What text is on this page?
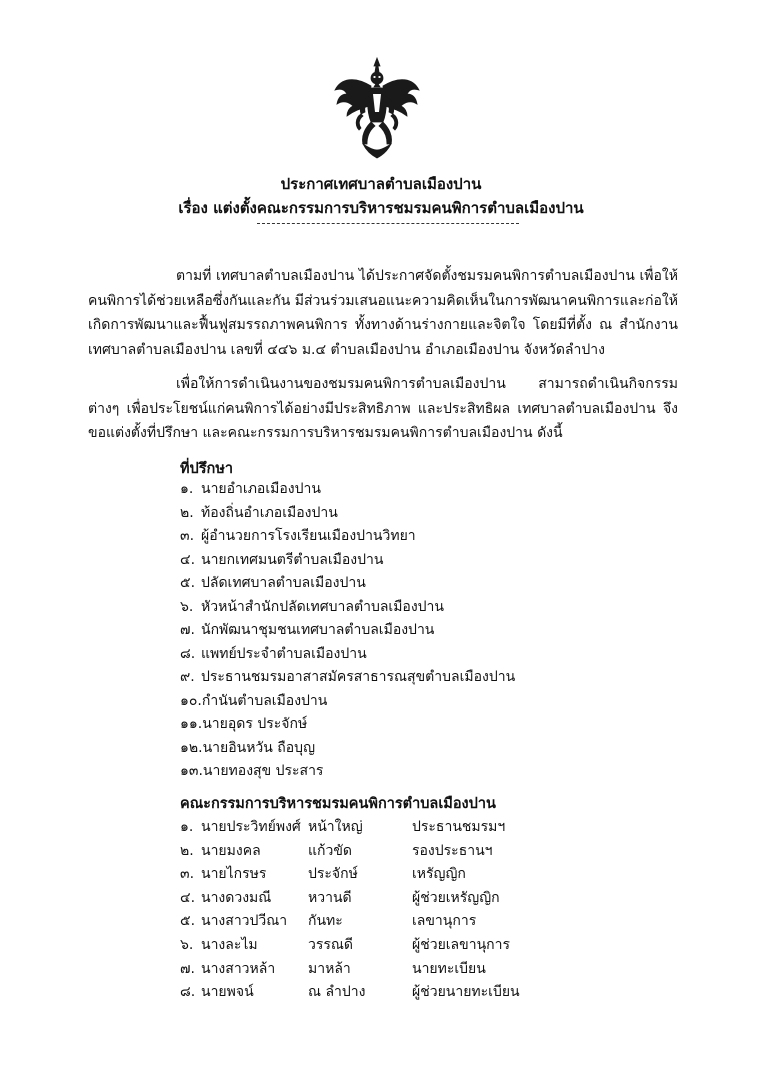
ประกาศเทศบาลตำบลเมืองปาน
เรื่อง แต่งตั้งคณะกรรมการบริหารชมรมคนพิการตำบลเมืองปาน
ตามที่ เทศบาลตำบลเมืองปาน ได้ประกาศจัดตั้งชมรมคนพิการตำบลเมืองปาน เพื่อให้คนพิการได้ช่วยเหลือซึ่งกันและกัน มีส่วนร่วมเสนอแนะความคิดเห็นในการพัฒนาคนพิการและก่อให้เกิดการพัฒนาและฟื้นฟูสมรรถภาพคนพิการ ทั้งทางด้านร่างกายและจิตใจ โดยมีที่ตั้ง ณ สำนักงานเทศบาลตำบลเมืองปาน เลขที่ ๔๔๖ ม.๔ ตำบลเมืองปาน อำเภอเมืองปาน จังหวัดลำปาง
เพื่อให้การดำเนินงานของชมรมคนพิการตำบลเมืองปาน สามารถดำเนินกิจกรรมต่างๆ เพื่อประโยชน์แก่คนพิการได้อย่างมีประสิทธิภาพ และประสิทธิผล เทศบาลตำบลเมืองปาน จึงขอแต่งตั้งที่ปรึกษา และคณะกรรมการบริหารชมรมคนพิการตำบลเมืองปาน ดังนี้
ที่ปรึกษา
๑. นายอำเภอเมืองปาน
๒. ท้องถิ่นอำเภอเมืองปาน
๓. ผู้อำนวยการโรงเรียนเมืองปานวิทยา
๔. นายกเทศมนตรีตำบลเมืองปาน
๕. ปลัดเทศบาลตำบลเมืองปาน
๖. หัวหน้าสำนักปลัดเทศบาลตำบลเมืองปาน
๗. นักพัฒนาชุมชนเทศบาลตำบลเมืองปาน
๘. แพทย์ประจำตำบลเมืองปาน
๙. ประธานชมรมอาสาสมัครสาธารณสุขตำบลเมืองปาน
๑๐.กำนันตำบลเมืองปาน
๑๑.นายอุดร ประจักษ์
๑๒.นายอินหวัน ถือบุญ
๑๓.นายทองสุข ประสาร
คณะกรรมการบริหารชมรมคนพิการตำบลเมืองปาน
๑. นายประวิทย์พงศ์ หน้าใหญ่	ประธานชมรมฯ
๒. นายมงคล	แก้วขัด	รองประธานฯ
๓. นายไกรษร	ประจักษ์	เหรัญญิก
๔. นางดวงมณี	หวานดี	ผู้ช่วยเหรัญญิก
๕. นางสาวปวีณา กันทะ	เลขานุการ
๖. นางละไม	วรรณดี	ผู้ช่วยเลขานุการ
๗. นางสาวหล้า มาหล้า	นายทะเบียน
๘. นายพจน์	ณ ลำปาง	ผู้ช่วยนายทะเบียน
